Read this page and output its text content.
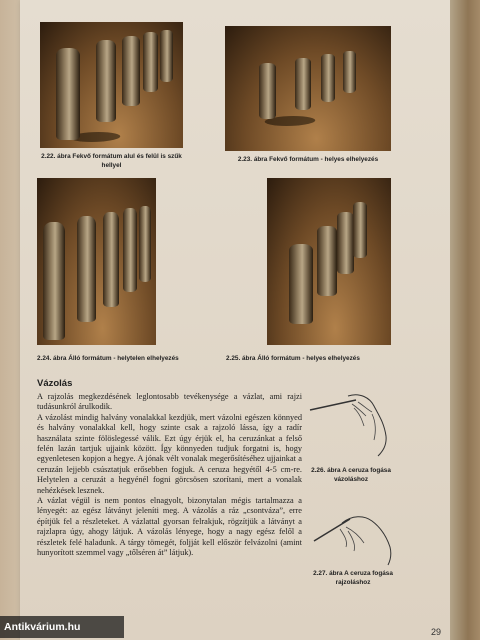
2.22. ábra Fekvő formátum alul és felül is szűk hellyel
2.23. ábra Fekvő formátum - helyes elhelyezés
2.24. ábra Álló formátum - helytelen elhelyezés	2.25. ábra Álló formátum - helyes elhelyezés
Vázolás

A rajzolás megkezdésének leglontosabb tevékenysége a vázlat, ami rajzi tudásunkról árulkodik.

A vázolást mindig halvány vonalakkal kezdjük, mert vázolni egészen könnyed és halvány vonalakkal kell, hogy szinte csak a rajzoló lássa, így a radír használata szinte fölöslegessé válik. Ezt úgy érjük el, ha ceruzánkat a felső felén lazán tartjuk ujjaink között. Így könnyeden tudjuk forgatni is, hogy egyenletesen kopjon a hegye. A jónak vélt vonalak megerősítéséhez ujjainkat a ceruzán lejjebb csúsztatjuk erősebben fogjuk. A ceruza hegyétől 4-5 cm-re. Helytelen a ceruzát a hegyénél fogni görcsösen szorítani, mert a vonalak nehézkések lesznek.

A vázlat végül is nem pontos elnagyolt, bizonytalan mégis tartalmazza a lényegét: az egész látványt jeleníti meg. A vázolás a ráz „csontváza”, erre építjük fel a részleteket. A vázlattal gyorsan felrakjuk, rögzítjük a látványt a rajzlapra úgy, ahogy látjuk. A vázolás lényege, hogy a nagy egész felől a részletek felé haladunk. A tárgy tömegét, foljját kell először felvázolni (amint hunyorított szemmel vagy „tőlséren át” látjuk).

2.26. ábra A ceruza fogása vázoláshoz
2.27. ábra A ceruza fogása rajzoláshoz
29
Antikvárium.hu
